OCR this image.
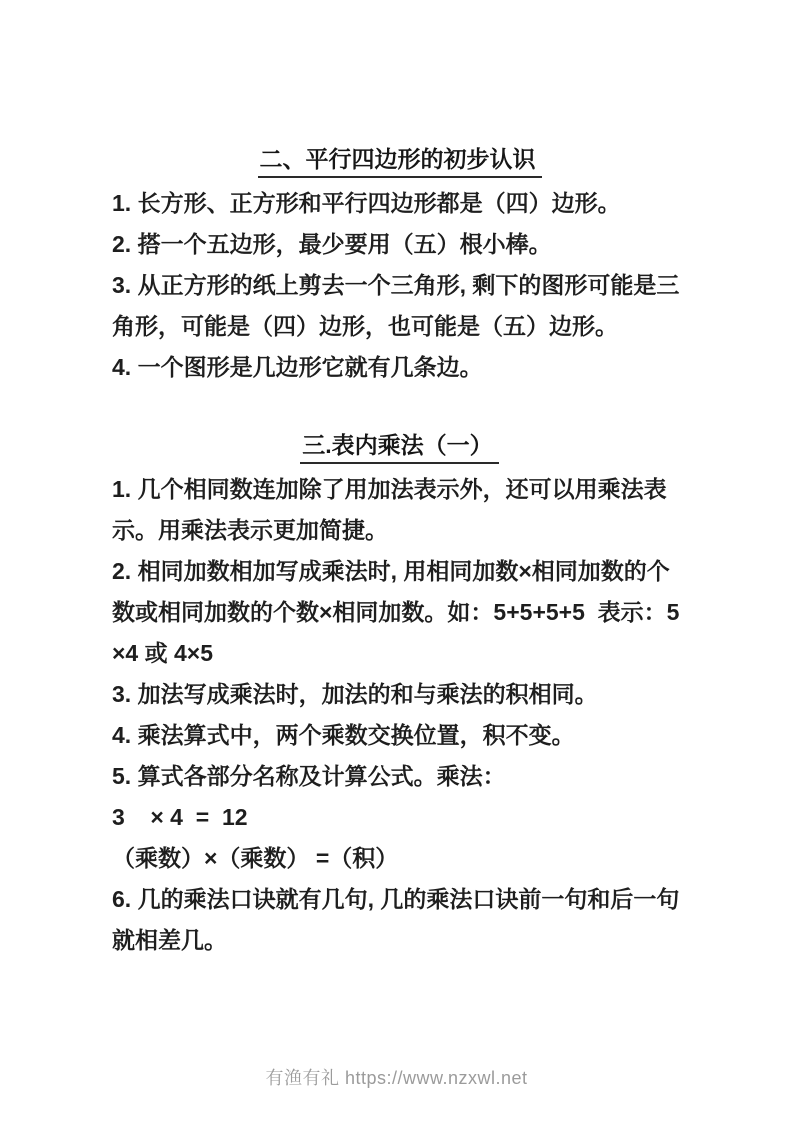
二、平行四边形的初步认识
1. 长方形、正方形和平行四边形都是（四）边形。
2. 搭一个五边形，最少要用（五）根小棒。
3. 从正方形的纸上剪去一个三角形, 剩下的图形可能是三
角形，可能是（四）边形，也可能是（五）边形。
4. 一个图形是几边形它就有几条边。
三.表内乘法（一）
1. 几个相同数连加除了用加法表示外，还可以用乘法表
示。用乘法表示更加简捷。
2. 相同加数相加写成乘法时, 用相同加数×相同加数的个
数或相同加数的个数×相同加数。如：5+5+5+5  表示：5
×4 或 4×5
3. 加法写成乘法时，加法的和与乘法的积相同。
4. 乘法算式中，两个乘数交换位置，积不变。
5. 算式各部分名称及计算公式。乘法：
3    × 4  =  12
（乘数）×（乘数） =（积）
6. 几的乘法口诀就有几句, 几的乘法口诀前一句和后一句
就相差几。
有渔有礼 https://www.nzxwl.net
